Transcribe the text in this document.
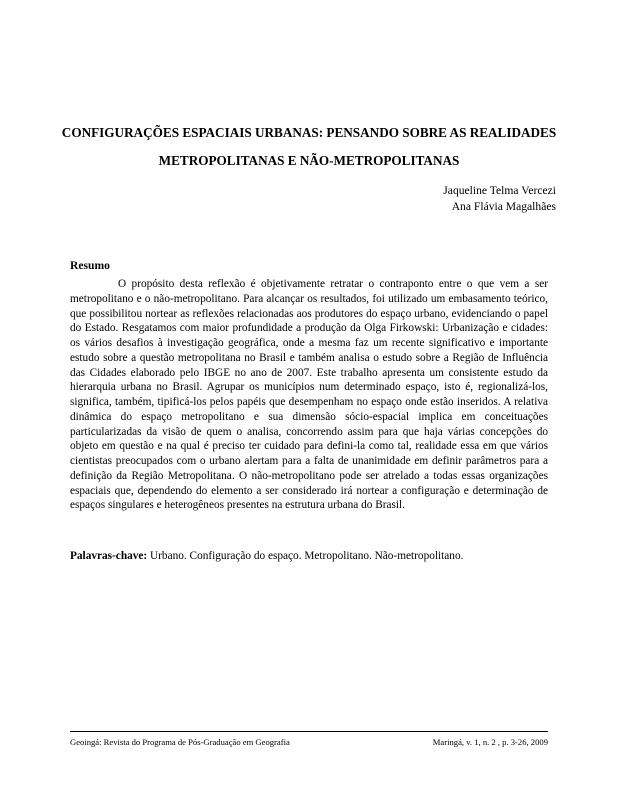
CONFIGURAÇÕES ESPACIAIS URBANAS: PENSANDO SOBRE AS REALIDADES METROPOLITANAS E NÃO-METROPOLITANAS
Jaqueline Telma Vercezi
Ana Flávia Magalhães
Resumo

O propósito desta reflexão é objetivamente retratar o contraponto entre o que vem a ser metropolitano e o não-metropolitano. Para alcançar os resultados, foi utilizado um embasamento teórico, que possibilitou nortear as reflexões relacionadas aos produtores do espaço urbano, evidenciando o papel do Estado. Resgatamos com maior profundidade a produção da Olga Firkowski: Urbanização e cidades: os vários desafios à investigação geográfica, onde a mesma faz um recente significativo e importante estudo sobre a questão metropolitana no Brasil e também analisa o estudo sobre a Região de Influência das Cidades elaborado pelo IBGE no ano de 2007. Este trabalho apresenta um consistente estudo da hierarquia urbana no Brasil. Agrupar os municípios num determinado espaço, isto é, regionalizá-los, significa, também, tipificá-los pelos papéis que desempenham no espaço onde estão inseridos. A relativa dinâmica do espaço metropolitano e sua dimensão sócio-espacial implica em conceituações particularizadas da visão de quem o analisa, concorrendo assim para que haja várias concepções do objeto em questão e na qual é preciso ter cuidado para defini-la como tal, realidade essa em que vários cientistas preocupados com o urbano alertam para a falta de unanimidade em definir parâmetros para a definição da Região Metropolitana. O não-metropolitano pode ser atrelado a todas essas organizações espaciais que, dependendo do elemento a ser considerado irá nortear a configuração e determinação de espaços singulares e heterogêneos presentes na estrutura urbana do Brasil.

Palavras-chave: Urbano. Configuração do espaço. Metropolitano. Não-metropolitano.

Geoingá: Revista do Programa de Pós-Graduação em Geografia	Maringá, v. 1, n. 2 , p. 3-26, 2009
